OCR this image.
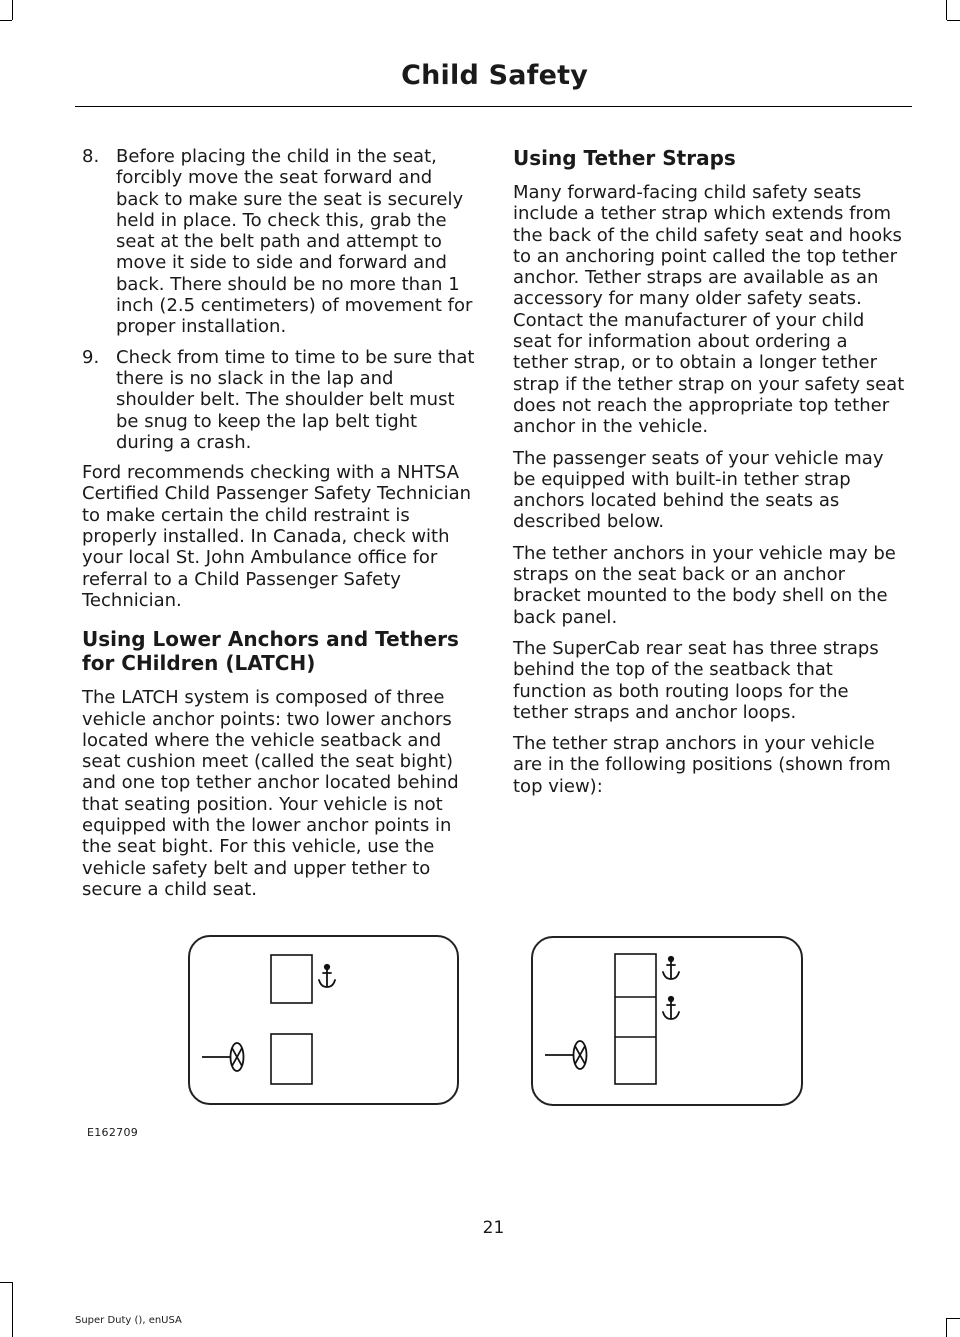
Child Safety
8. Before placing the child in the seat, forcibly move the seat forward and back to make sure the seat is securely held in place. To check this, grab the seat at the belt path and attempt to move it side to side and forward and back. There should be no more than 1 inch (2.5 centimeters) of movement for proper installation.
9. Check from time to time to be sure that there is no slack in the lap and shoulder belt. The shoulder belt must be snug to keep the lap belt tight during a crash.

Ford recommends checking with a NHTSA Certified Child Passenger Safety Technician to make certain the child restraint is properly installed. In Canada, check with your local St. John Ambulance office for referral to a Child Passenger Safety Technician.

Using Lower Anchors and Tethers for CHildren (LATCH)

The LATCH system is composed of three vehicle anchor points: two lower anchors located where the vehicle seatback and seat cushion meet (called the seat bight) and one top tether anchor located behind that seating position. Your vehicle is not equipped with the lower anchor points in the seat bight. For this vehicle, use the vehicle safety belt and upper tether to secure a child seat.

Using Tether Straps

Many forward-facing child safety seats include a tether strap which extends from the back of the child safety seat and hooks to an anchoring point called the top tether anchor. Tether straps are available as an accessory for many older safety seats. Contact the manufacturer of your child seat for information about ordering a tether strap, or to obtain a longer tether strap if the tether strap on your safety seat does not reach the appropriate top tether anchor in the vehicle.

The passenger seats of your vehicle may be equipped with built-in tether strap anchors located behind the seats as described below.

The tether anchors in your vehicle may be straps on the seat back or an anchor bracket mounted to the body shell on the back panel.

The SuperCab rear seat has three straps behind the top of the seatback that function as both routing loops for the tether straps and anchor loops.

The tether strap anchors in your vehicle are in the following positions (shown from top view):

E162709
21
Super Duty (), enUSA
